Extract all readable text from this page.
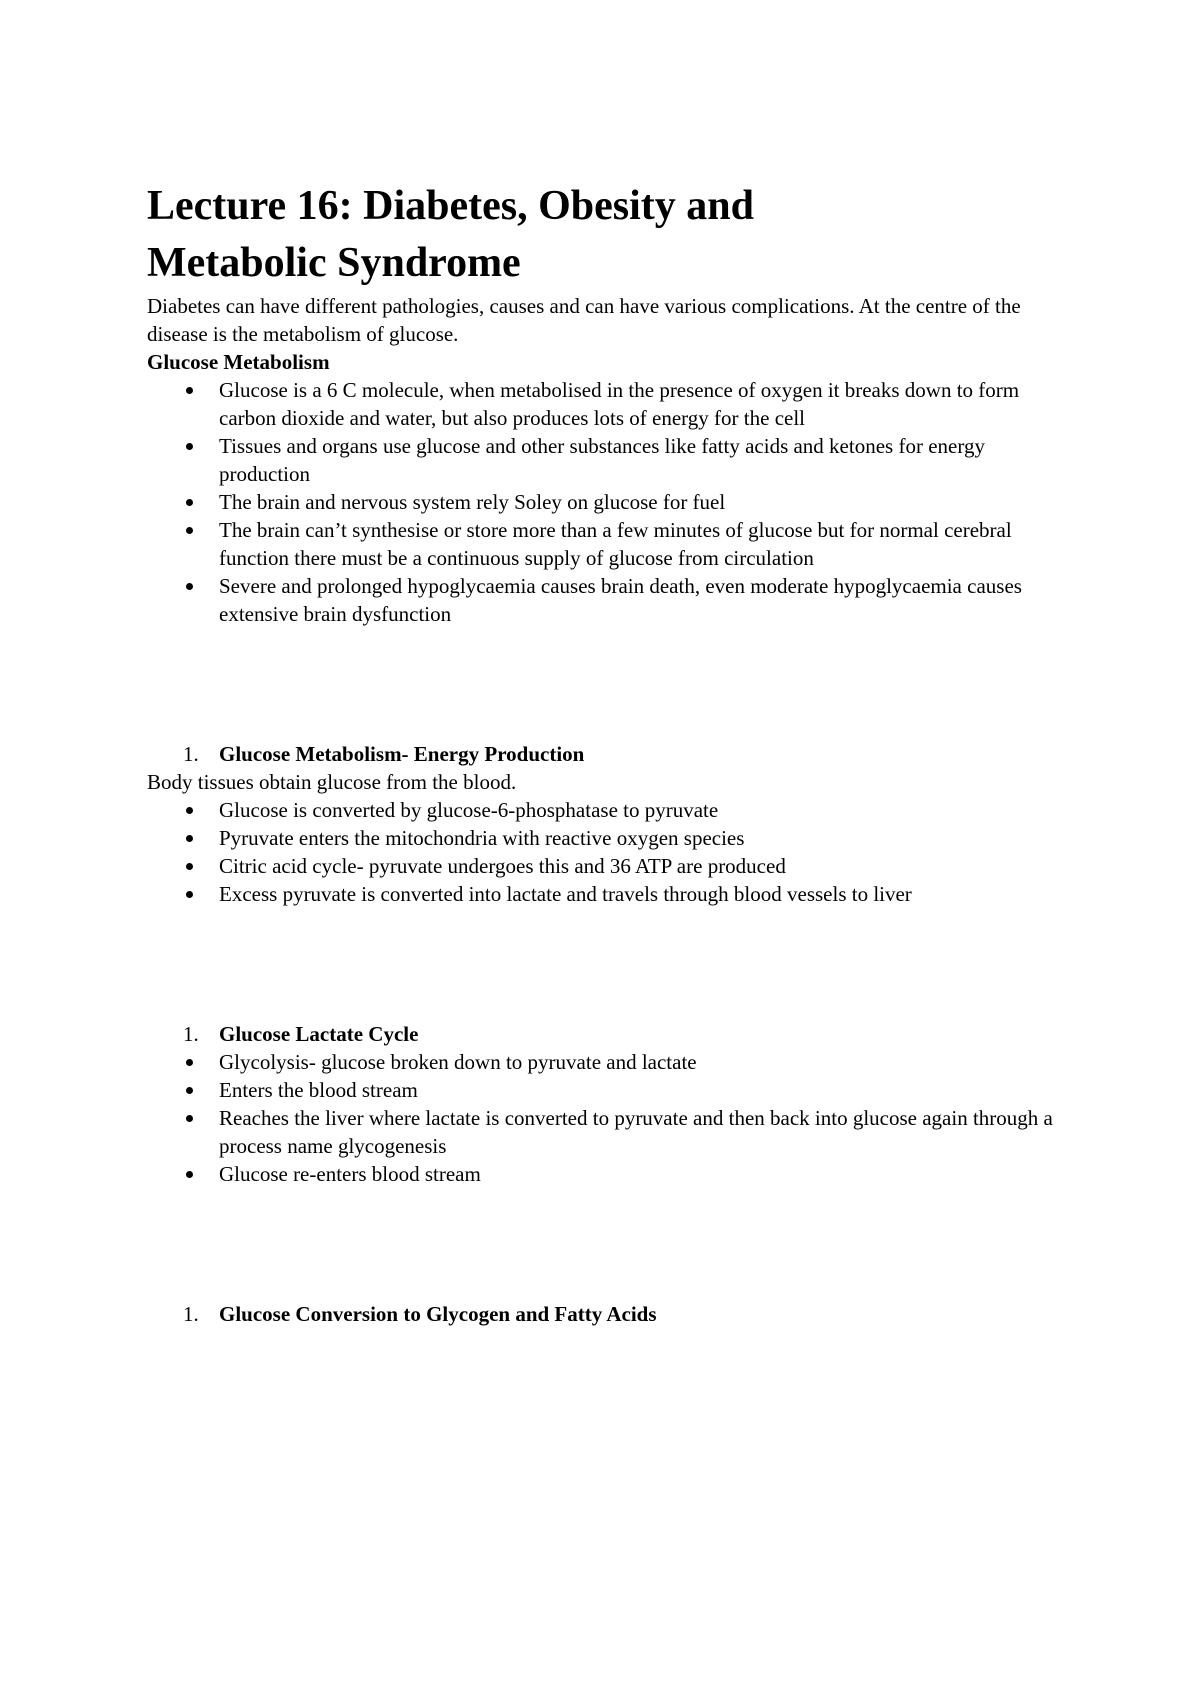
Lecture 16: Diabetes, Obesity and
Metabolic Syndrome

Diabetes can have different pathologies, causes and can have various complications. At the centre of the disease is the metabolism of glucose.

Glucose Metabolism
Glucose is a 6 C molecule, when metabolised in the presence of oxygen it breaks down to form carbon dioxide and water, but also produces lots of energy for the cell
Tissues and organs use glucose and other substances like fatty acids and ketones for energy production
The brain and nervous system rely Soley on glucose for fuel
The brain can’t synthesise or store more than a few minutes of glucose but for normal cerebral function there must be a continuous supply of glucose from circulation
Severe and prolonged hypoglycaemia causes brain death, even moderate hypoglycaemia causes extensive brain dysfunction
1. Glucose Metabolism- Energy Production

Body tissues obtain glucose from the blood.

Glucose is converted by glucose-6-phosphatase to pyruvate
Pyruvate enters the mitochondria with reactive oxygen species
Citric acid cycle- pyruvate undergoes this and 36 ATP are produced
Excess pyruvate is converted into lactate and travels through blood vessels to liver
1. Glucose Lactate Cycle
Glycolysis- glucose broken down to pyruvate and lactate
Enters the blood stream
Reaches the liver where lactate is converted to pyruvate and then back into glucose again through a process name glycogenesis
Glucose re-enters blood stream
1. Glucose Conversion to Glycogen and Fatty Acids
